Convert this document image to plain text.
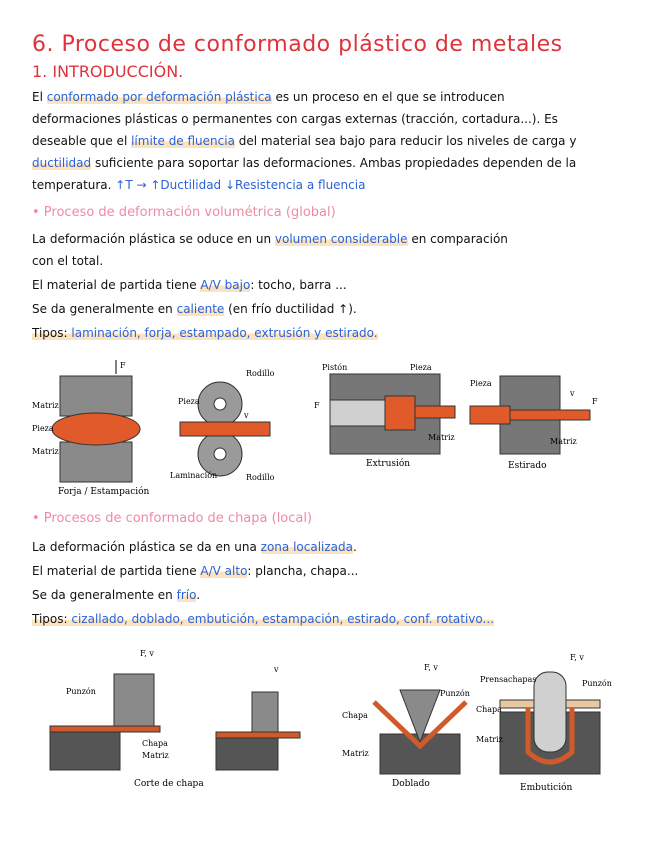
6. Proceso de conformado plástico de metales
1. INTRODUCCIÓN.
El conformado por deformación plástica es un proceso en el que se introducen
deformaciones plásticas o permanentes con cargas externas (tracción, cortadura...). Es
deseable que el límite de fluencia del material sea bajo para reducir los niveles de carga y
ductilidad suficiente para soportar las deformaciones. Ambas propiedades dependen de la
temperatura. ↑T → ↑Ductilidad ↓Resistencia a fluencia
• Proceso de deformación volumétrica (global)
La deformación plástica se oduce en un volumen considerable en comparación
con el total.
El material de partida tiene A/V bajo: tocho, barra ...
Se da generalmente en caliente (en frío ductilidad ↑).
Tipos: laminación, forja, estampado, extrusión y estirado.
F
Matriz
Pieza
Matriz
Forja / Estampación
Pieza
Rodillo
Rodillo
Laminación
v
Pistón	Pieza
Matriz
F
Extrusión
Pieza
Matriz
F
v
Estirado
• Procesos de conformado de chapa (local)
La deformación plástica se da en una zona localizada.
El material de partida tiene A/V alto: plancha, chapa...
Se da generalmente en frío.
Tipos: cizallado, doblado, embutición, estampación, estirado, conf. rotativo...
Punzón
F, v
Chapa
Matriz
Corte de chapa
v	F, v
Punzón
Chapa
Matriz
Doblado
Prensachapas	Punzón
F, v
Chapa
Matriz
Embutición
